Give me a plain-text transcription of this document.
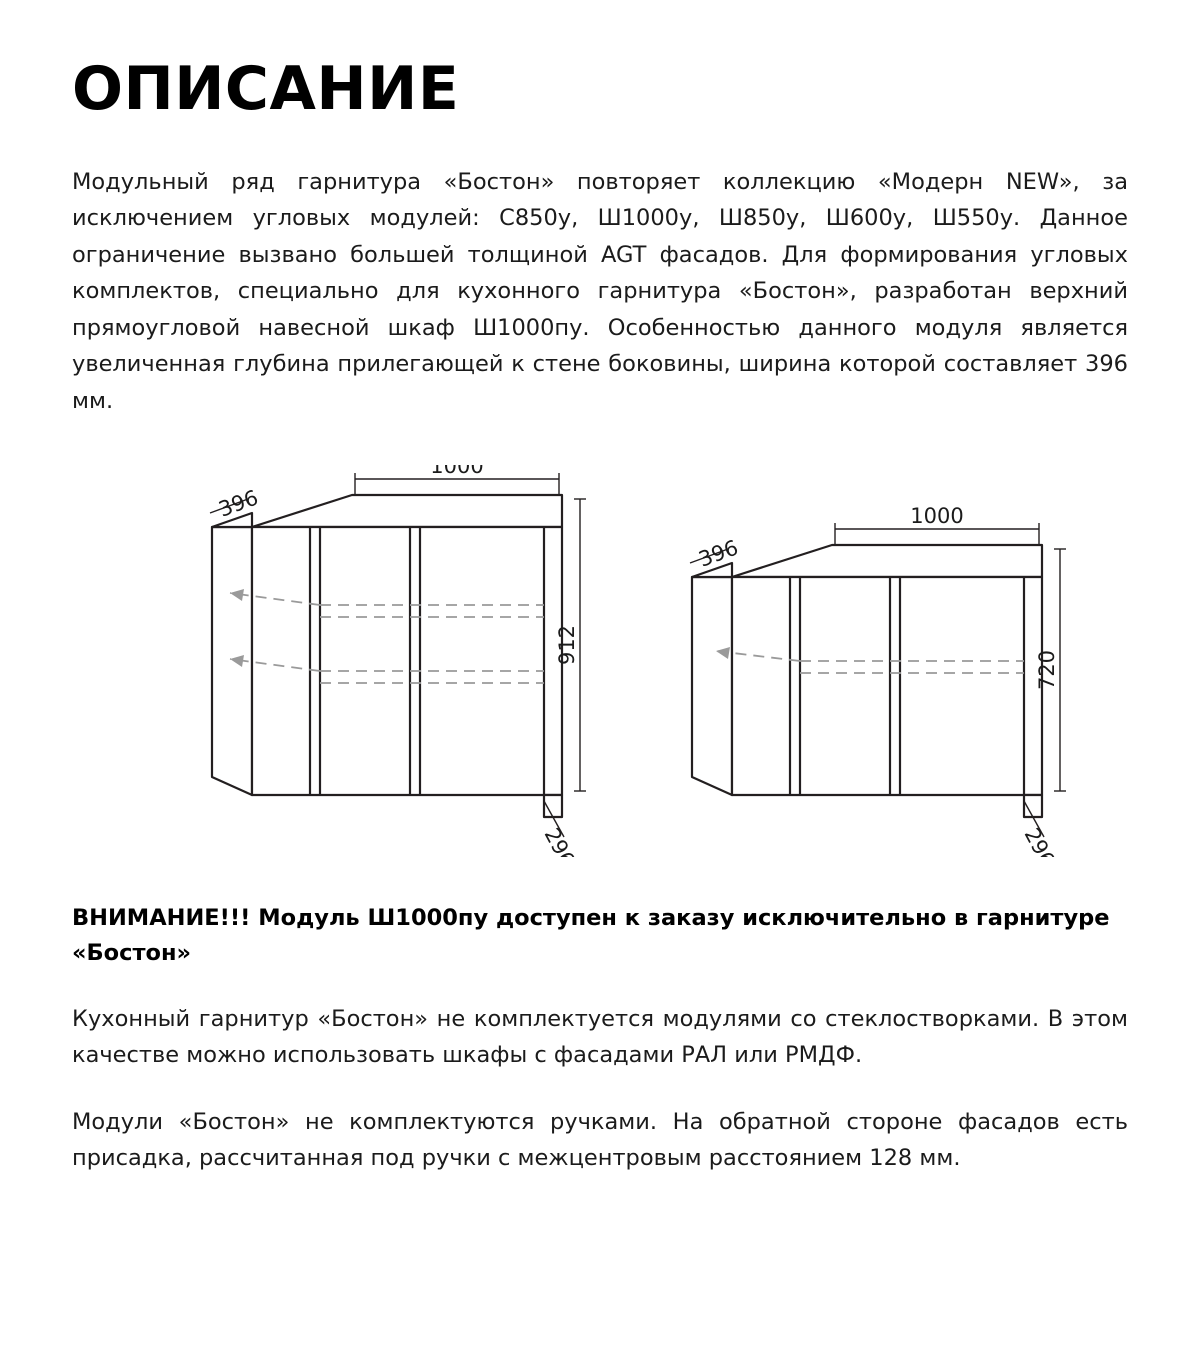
ОПИСАНИЕ

Модульный ряд гарнитура «Бостон» повторяет коллекцию «Модерн NEW», за исключением угловых модулей: С850у, Ш1000у, Ш850у, Ш600у, Ш550у. Данное ограничение вызвано большей толщиной AGT фасадов. Для формирования угловых комплектов, специально для кухонного гарнитура «Бостон», разработан верхний прямоугловой навесной шкаф Ш1000пу. Особенностью данного модуля является увеличенная глубина прилегающей к стене боковины, ширина которой составляет 396 мм.

1000
396
912
296
1000
396
720
296

ВНИМАНИЕ!!! Модуль Ш1000пу доступен к заказу исключительно в гарнитуре «Бостон»

Кухонный гарнитур «Бостон» не комплектуется модулями со стеклостворками. В этом качестве можно использовать шкафы с фасадами РАЛ или РМДФ.

Модули «Бостон» не комплектуются ручками. На обратной стороне фасадов есть присадка, рассчитанная под ручки с межцентровым расстоянием 128 мм.
